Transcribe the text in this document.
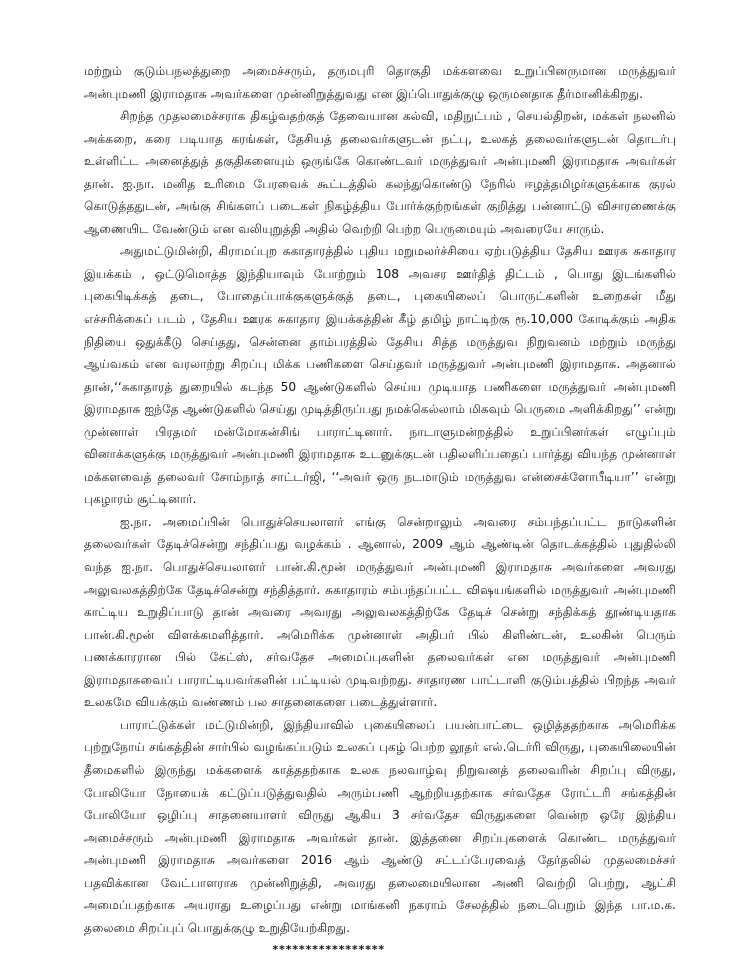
மற்றும் குடும்பநலத்துறை அமைச்சரும், தருமபுரி தொகுதி மக்களவை உறுப்பினருமான மருத்துவர் அன்புமணி இராமதாசு அவர்களை முன்னிறுத்துவது என இப்பொதுக்குழு ஒருமனதாக தீர்மானிக்கிறது.

சிறந்த முதலமைச்சராக திகழ்வதற்குத் தேவையான கல்வி, மதிநுட்பம் , செயல்திறன், மக்கள் நலனில் அக்கறை, கரை படியாத கரங்கள், தேசியத் தலைவர்களுடன் நட்பு, உலகத் தலைவர்களுடன் தொடர்பு உள்ளிட்ட அனைத்துத் தகுதிகளையும் ஒருங்கே கொண்டவர் மருத்துவர் அன்புமணி இராமதாசு அவர்கள் தான். ஐ.நா. மனித உரிமை பேரவைக் கூட்டத்தில் கலந்துகொண்டு நேரில் ஈழத்தமிழர்களுக்காக குரல் கொடுத்ததுடன், அங்கு சிங்களப் படைகள் நிகழ்த்திய போர்க்குற்றங்கள் குறித்து பன்னாட்டு விசாரணைக்கு ஆணையிட வேண்டும் என வலியுறுத்தி அதில் வெற்றி பெற்ற பெருமையும் அவரையே சாரும்.

அதுமட்டுமின்றி, கிராமப்புற சுகாதாரத்தில் புதிய மறுமலர்ச்சியை ஏற்படுத்திய தேசிய ஊரக சுகாதார இயக்கம் , ஒட்டுமொத்த இந்தியாவும் போற்றும் 108 அவசர ஊர்தித் திட்டம் , பொது இடங்களில் புகைபிடிக்கத் தடை, போதைப்பாக்குகளுக்குத் தடை, புகையிலைப் பொருட்களின் உறைகள் மீது எச்சரிக்கைப் படம் , தேசிய ஊரக சுகாதார இயக்கத்தின் கீழ் தமிழ் நாட்டிற்கு ரூ.10,000 கோடிக்கும் அதிக நிதியை ஒதுக்கீடு செய்தது, சென்னை தாம்பரத்தில் தேசிய சித்த மருத்துவ நிறுவனம் மற்றும் மருந்து ஆய்வகம் என வரலாற்று சிறப்பு மிக்க பணிகளை செய்தவர் மருத்துவர் அன்புமணி இராமதாசு. அதனால் தான்,‘‘சுகாதாரத் துறையில் கடந்த 50 ஆண்டுகளில் செய்ய முடியாத பணிகளை மருத்துவர் அன்புமணி இராமதாசு ஐந்தே ஆண்டுகளில் செய்து முடித்திருப்பது நமக்கெல்லாம் மிகவும் பெருமை அளிக்கிறது’’ என்று முன்னாள் பிரதமர் மன்மோகன்சிங் பாராட்டினார். நாடாளுமன்றத்தில் உறுப்பினர்கள் எழுப்பும் வினாக்களுக்கு மருத்துவர் அன்புமணி இராமதாசு உடனுக்குடன் பதிலளிப்பதைப் பார்த்து வியந்த முன்னாள் மக்களவைத் தலைவர் சோம்நாத் சாட்டர்ஜி, ‘‘அவர் ஒரு நடமாடும் மருத்துவ என்சைக்ளோபீடியா’’ என்று புகழாரம் சூட்டினார்.

ஐ.நா. அமைப்பின் பொதுச்செயலாளர் எங்கு சென்றாலும் அவரை சம்பந்தப்பட்ட நாடுகளின் தலைவர்கள் தேடிச்சென்று சந்திப்பது வழக்கம் . ஆனால், 2009 ஆம் ஆண்டின் தொடக்கத்தில் புதுதில்லி வந்த ஐ.நா. பொதுச்செயலாளர் பான்.கி.மூன் மருத்துவர் அன்புமணி இராமதாசு அவர்களை அவரது அலுவலகத்திற்கே தேடிச்சென்று சந்தித்தார். சுகாதாரம் சம்பந்தப்பட்ட விஷயங்களில் மருத்துவர் அன்புமணி காட்டிய உறுதிப்பாடு தான் அவரை அவரது அலுவலகத்திற்கே தேடிச் சென்று சந்திக்கத் தூண்டியதாக பான்.கி.மூன் விளக்கமளித்தார். அமெரிக்க முன்னாள் அதிபர் பில் கிளிண்டன், உலகின் பெரும் பணக்காரரான பில் கேட்ஸ், சர்வதேச அமைப்புகளின் தலைவர்கள் என மருத்துவர் அன்புமணி இராமதாசுவைப் பாராட்டியவர்களின் பட்டியல் முடிவற்றது. சாதாரண பாட்டாளி குடும்பத்தில் பிறந்த அவர் உலகமே வியக்கும் வண்ணம் பல சாதனைகளை படைத்துள்ளார்.

பாராட்டுக்கள் மட்டுமின்றி, இந்தியாவில் புகையிலைப் பயன்பாட்டை ஒழித்ததற்காக அமெரிக்க புற்றுநோய் சங்கத்தின் சார்பில் வழங்கப்படும் உலகப் புகழ் பெற்ற லூதர் எல்.டெர்ரி விருது, புகையிலையின் தீமைகளில் இருந்து மக்களைக் காத்ததற்காக உலக நலவாழ்வு நிறுவனத் தலைவரின் சிறப்பு விருது, போலியோ நோயைக் கட்டுப்படுத்துவதில் அரும்பணி ஆற்றியதற்காக சர்வதேச ரோட்டரி சங்கத்தின் போலியோ ஒழிப்பு சாதனையாளர் விருது ஆகிய 3 சர்வதேச விருதுகளை வென்ற ஒரே இந்திய அமைச்சரும் அன்புமணி இராமதாசு அவர்கள் தான். இத்தனை சிறப்புகளைக் கொண்ட மருத்துவர் அன்புமணி இராமதாசு அவர்களை 2016 ஆம் ஆண்டு சட்டப்பேரவைத் தேர்தலில் முதலமைச்சர் பதவிக்கான வேட்பாளராக முன்னிறுத்தி, அவரது தலைமையிலான அணி வெற்றி பெற்று, ஆட்சி அமைப்பதற்காக அயராது உழைப்பது என்று மாங்கனி நகராம் சேலத்தில் நடைபெறும் இந்த பா.ம.க. தலைமை சிறப்புப் பொதுக்குழு உறுதியேற்கிறது.

*****************
